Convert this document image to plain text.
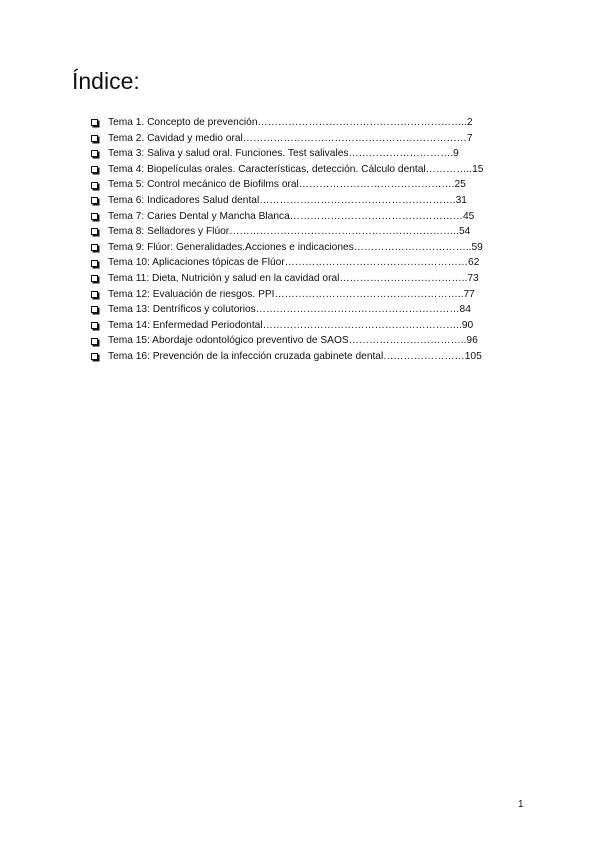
Índice:
Tema 1. Concepto de prevención……………………………………………………..2
Tema 2. Cavidad y medio oral…………………………………………………………7
Tema 3: Saliva y salud oral. Funciones. Test salivales………………………….9
Tema 4: Biopelículas orales. Características, detección. Cálculo dental…………..15
Tema 5: Control mecánico de Biofilms oral……………………………………….25
Tema 6: Indicadores Salud dental………………………………………………….31
Tema 7: Caries Dental y Mancha Blanca……………………………………………45
Tema 8: Selladores y Flúor…………………………………………………………..54
Tema 9: Flúor: Generalidades.Acciones e indicaciones……………………………..59
Tema 10: Aplicaciones tópicas de Flúor………………………………………………62
Tema 11: Dieta, Nutrición y salud en la cavidad oral………………………………..73
Tema 12: Evaluación de riesgos. PPI………………………………………………..77
Tema 13: Dentríficos y colutorios……………………………………………………84
Tema 14: Enfermedad Periodontal…………………………………………………..90
Tema 15: Abordaje odontológico preventivo de SAOS……………………………..96
Tema 16: Prevención de la infección cruzada gabinete dental……………………105
1
